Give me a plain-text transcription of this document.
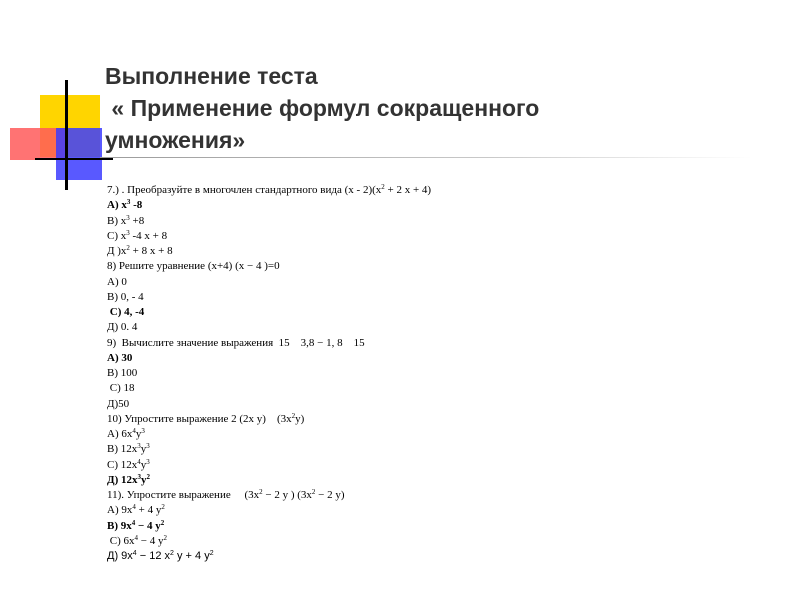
Выполнение теста
« Применение формул сокращенного
умножения»
7.) . Преобразуйте в многочлен стандартного вида $(х - 2)(х^2 + 2$ х + 4)
А) $х^3$ -8
В) $х^3 +8$
С) $х^3$ -4 х + 8
Д )$х^2 + 8$ х + 8
8) Решите уравнение (х+4) (х − 4 )=0
А) 0
В) 0, - 4
С) 4, -4
Д) 0. 4
9)  Вычислите значение выражения  15    3,8 − 1, 8    15
А) 30
В) 100
С) 18
Д)50
10) Упростите выражение 2 (2х у)    $(3х^2у)$
А) $6х^4у^3$
В) $12х^3у^3$
С) $12х^4у^3$
Д) $12х^3у^2$
11). Упростите выражение     ($3х^2 - 2$ у ) ($3х^2 - 2$ у)
А) $9х^4 + 4$ $у^2$
В) $9х^4 - 4$ $у^2$
С) $6х^4 - 4$ $у^2$
Д) $9х^4 - 12$ $х^2$ у + 4 $у^2$
